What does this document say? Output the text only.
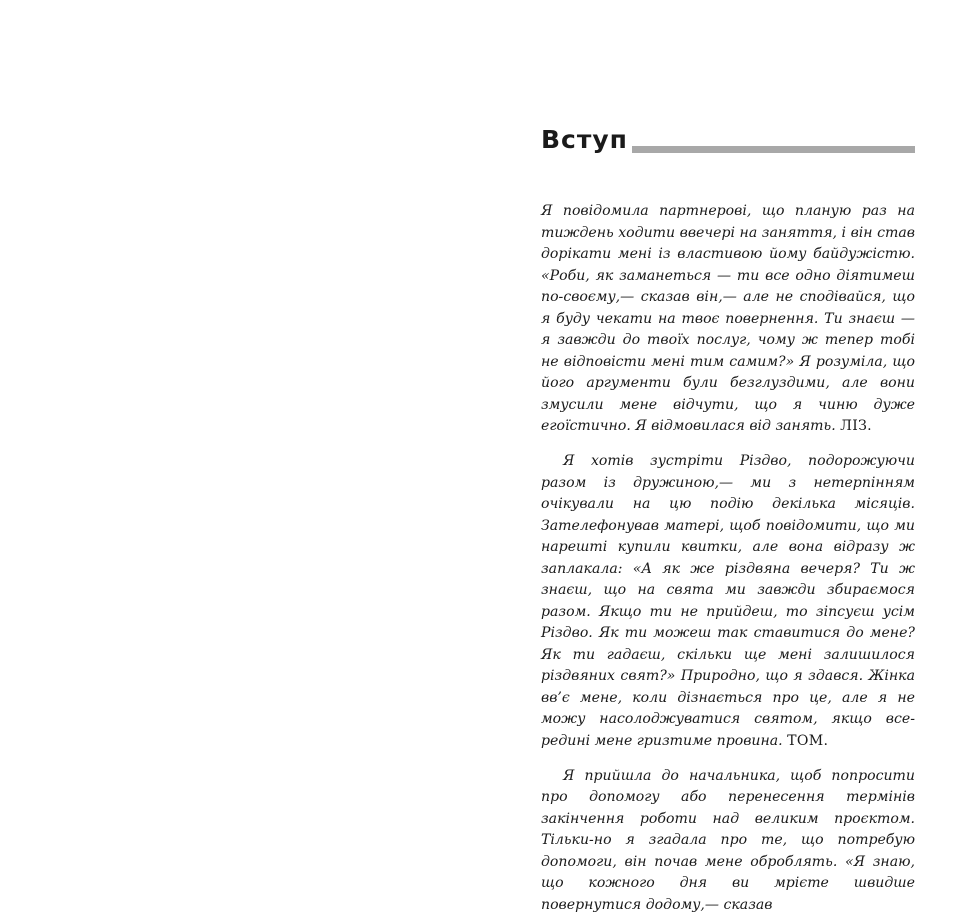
Вступ

Я повідомила партнерові, що планую раз на тиждень ходити ввечері на заняття, і він став дорікати мені із властивою йому байдужістю. «Роби, як заманеться — ти все одно діятимеш по-своєму,— сказав він,— але не сподівайся, що я буду чекати на твоє повернення. Ти знаєш — я завжди до твоїх послуг, чому ж тепер тобі не відповісти мені тим самим?» Я розуміла, що його аргументи були безглуздими, але вони змусили мене відчути, що я чиню дуже егоїстично. Я відмовилася від занять. ЛІЗ.

Я хотів зустріти Різдво, подорожуючи разом із дружиною,— ми з нетерпінням очікували на цю подію декілька місяців. Зателефонував матері, щоб повідомити, що ми нарешті купили квитки, але вона відразу ж заплакала: «А як же різдвяна вечеря? Ти ж знаєш, що на свята ми завжди збираємося разом. Якщо ти не прийдеш, то зіпсуєш усім Різдво. Як ти можеш так ставитися до мене? Як ти гадаєш, скільки ще мені залишилося різдвяних свят?» Природно, що я здався. Жінка вв’є мене, коли дізнається про це, але я не можу насолоджуватися святом, якщо всередині мене гризтиме провина. ТОМ.

Я прийшла до начальника, щоб попросити про допомогу або перенесення термінів закінчення роботи над великим проєктом. Тільки-но я згадала про те, що потребую допомоги, він почав мене оброблять. «Я знаю, що кожного дня ви мрієте швидше повернутися додому,— сказав
